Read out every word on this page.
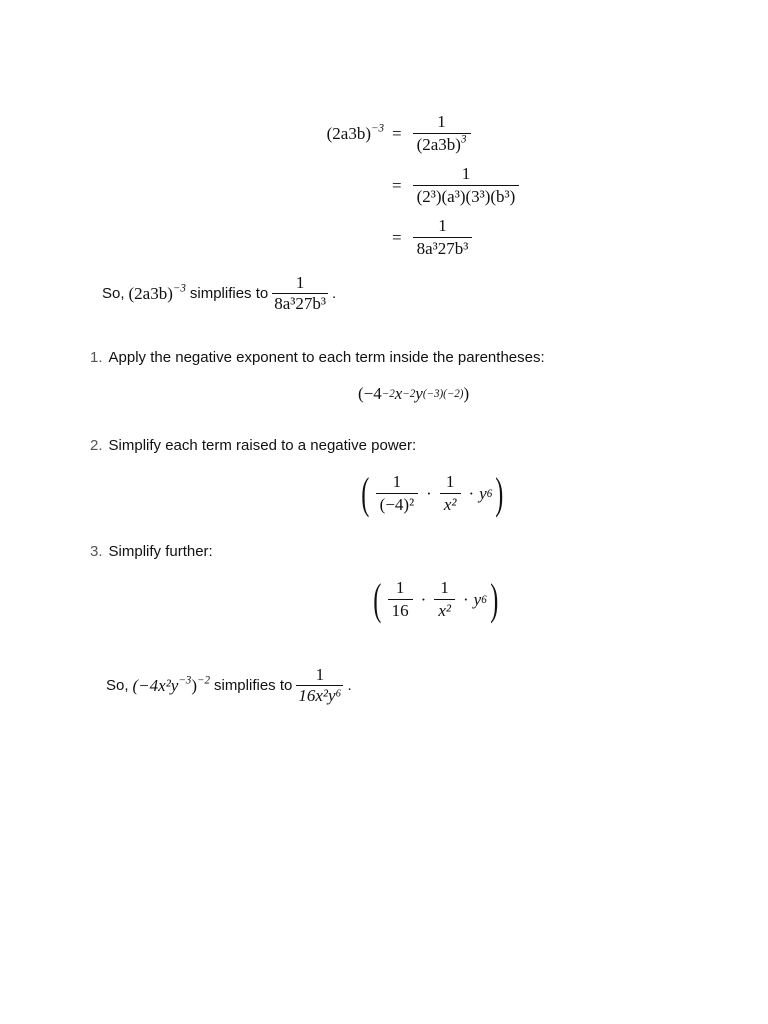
$(2a3b)^{-3} = \frac{1}{(2a3b)^3}$
= $\frac{1}{\text{(2³)(a³)(3³)(b³)}}$
= $\frac{1}{\text{8a³27b³}}$
So, $(2a3b)^{-3}$ simplifies to $\frac{1}{\text{8a³27b³}}$ .
1. Apply the negative exponent to each term inside the parentheses:
(−4 −2 x −2 y (−3)(−2) )
2. Simplify each term raised to a negative power:
( $\frac{1}{\text{(−4)²}} \cdot \frac{1}{\text{x²}} \cdot y$ 6 )
3. Simplify further:
( $\frac{1}{16} \cdot \frac{1}{\text{x²}} \cdot y$ 6 )
So, $(-4x^2y^{-3})^{-2}$ simplifies to $\frac{1}{\text{16x²y⁶}}$ .
